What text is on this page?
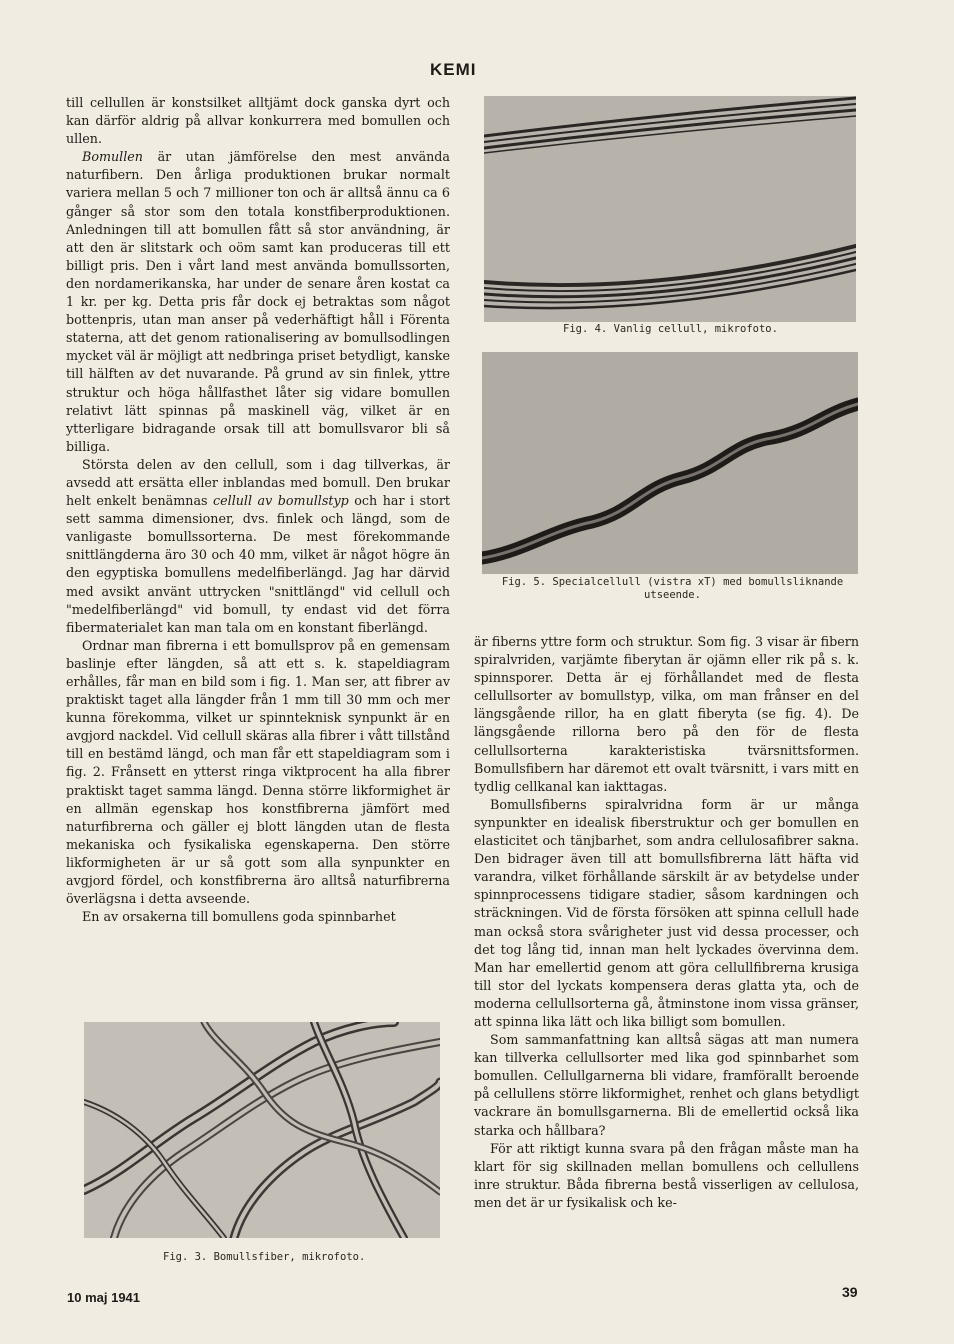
KEMI

till cellullen är konstsilket alltjämt dock ganska dyrt och kan därför aldrig på allvar konkurrera med bomullen och ullen.

Bomullen är utan jämförelse den mest använda naturfibern. Den årliga produktionen brukar normalt variera mellan 5 och 7 millioner ton och är alltså ännu ca 6 gånger så stor som den totala konstfiberproduktionen. Anledningen till att bomullen fått så stor användning, är att den är slitstark och oöm samt kan produceras till ett billigt pris. Den i vårt land mest använda bomullssorten, den nordamerikanska, har under de senare åren kostat ca 1 kr. per kg. Detta pris får dock ej betraktas som något bottenpris, utan man anser på vederhäftigt håll i Förenta staterna, att det genom rationalisering av bomullsodlingen mycket väl är möjligt att nedbringa priset betydligt, kanske till hälften av det nuvarande. På grund av sin finlek, yttre struktur och höga hållfasthet låter sig vidare bomullen relativt lätt spinnas på maskinell väg, vilket är en ytterligare bidragande orsak till att bomullsvaror bli så billiga.

Största delen av den cellull, som i dag tillverkas, är avsedd att ersätta eller inblandas med bomull. Den brukar helt enkelt benämnas cellull av bomullstyp och har i stort sett samma dimensioner, dvs. finlek och längd, som de vanligaste bomullssorterna. De mest förekommande snittlängderna äro 30 och 40 mm, vilket är något högre än den egyptiska bomullens medelfiberlängd. Jag har därvid med avsikt använt uttrycken "snittlängd" vid cellull och "medelfiberlängd" vid bomull, ty endast vid det förra fibermaterialet kan man tala om en konstant fiberlängd.

Ordnar man fibrerna i ett bomullsprov på en gemensam baslinje efter längden, så att ett s. k. stapeldiagram erhålles, får man en bild som i fig. 1. Man ser, att fibrer av praktiskt taget alla längder från 1 mm till 30 mm och mer kunna förekomma, vilket ur spinnteknisk synpunkt är en avgjord nackdel. Vid cellull skäras alla fibrer i vått tillstånd till en bestämd längd, och man får ett stapeldiagram som i fig. 2. Frånsett en ytterst ringa viktprocent ha alla fibrer praktiskt taget samma längd. Denna större likformighet är en allmän egenskap hos konstfibrerna jämfört med naturfibrerna och gäller ej blott längden utan de flesta mekaniska och fysikaliska egenskaperna. Den större likformigheten är ur så gott som alla synpunkter en avgjord fördel, och konstfibrerna äro alltså naturfibrerna överlägsna i detta avseende.

En av orsakerna till bomullens goda spinnbarhet

Fig. 4. Vanlig cellull, mikrofoto.
Fig. 5. Specialcellull (vistra xT) med bomullsliknande utseende.

är fiberns yttre form och struktur. Som fig. 3 visar är fibern spiralvriden, varjämte fiberytan är ojämn eller rik på s. k. spinnsporer. Detta är ej förhållandet med de flesta cellullsorter av bomullstyp, vilka, om man frånser en del längsgående rillor, ha en glatt fiberyta (se fig. 4). De längsgående rillorna bero på den för de flesta cellullsorterna karakteristiska tvärsnittsformen. Bomullsfibern har däremot ett ovalt tvärsnitt, i vars mitt en tydlig cellkanal kan iakttagas.

Bomullsfiberns spiralvridna form är ur många synpunkter en idealisk fiberstruktur och ger bomullen en elasticitet och tänjbarhet, som andra cellulosafibrer sakna. Den bidrager även till att bomullsfibrerna lätt häfta vid varandra, vilket förhållande särskilt är av betydelse under spinnprocessens tidigare stadier, såsom kardningen och sträckningen. Vid de första försöken att spinna cellull hade man också stora svårigheter just vid dessa processer, och det tog lång tid, innan man helt lyckades övervinna dem. Man har emellertid genom att göra cellullfibrerna krusiga till stor del lyckats kompensera deras glatta yta, och de moderna cellullsorterna gå, åtminstone inom vissa gränser, att spinna lika lätt och lika billigt som bomullen.

Som sammanfattning kan alltså sägas att man numera kan tillverka cellullsorter med lika god spinnbarhet som bomullen. Cellullgarnerna bli vidare, framförallt beroende på cellullens större likformighet, renhet och glans betydligt vackrare än bomullsgarnerna. Bli de emellertid också lika starka och hållbara?

För att riktigt kunna svara på den frågan måste man ha klart för sig skillnaden mellan bomullens och cellullens inre struktur. Båda fibrerna bestå visserligen av cellulosa, men det är ur fysikalisk och ke-

Fig. 3. Bomullsfiber, mikrofoto.
10 maj 1941	39
